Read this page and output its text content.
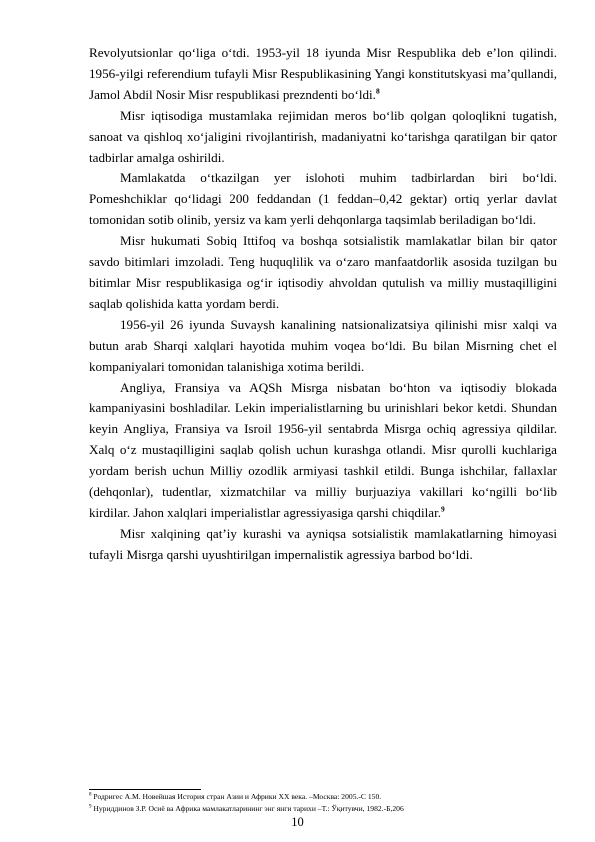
Revolyutsionlar qo‘liga o‘tdi. 1953-yil 18 iyunda Misr Respublika deb e’lon qilindi. 1956-yilgi referendium tufayli Misr Respublikasining Yangi konstitutskyasi ma’qullandi, Jamol Abdil Nosir Misr respublikasi prezndenti bo‘ldi.$^8$

Misr iqtisodiga mustamlaka rejimidan meros bo‘lib qolgan qoloqlikni tugatish, sanoat va qishloq xo‘jaligini rivojlantirish, madaniyatni ko‘tarishga qaratilgan bir qator tadbirlar amalga oshirildi.

Mamlakatda o‘tkazilgan yer islohoti muhim tadbirlardan biri bo‘ldi. Pomeshchiklar qo‘lidagi 200 feddandan (1 feddan–0,42 gektar) ortiq yerlar davlat tomonidan sotib olinib, yersiz va kam yerli dehqonlarga taqsimlab beriladigan bo‘ldi.

Misr hukumati Sobiq Ittifoq va boshqa sotsialistik mamlakatlar bilan bir qator savdo bitimlari imzoladi. Teng huquqlilik va o‘zaro manfaatdorlik asosida tuzilgan bu bitimlar Misr respublikasiga og‘ir iqtisodiy ahvoldan qutulish va milliy mustaqilligini saqlab qolishida katta yordam berdi.

1956-yil 26 iyunda Suvaysh kanalining natsionalizatsiya qilinishi misr xalqi va butun arab Sharqi xalqlari hayotida muhim voqea bo‘ldi. Bu bilan Misrning chet el kompaniyalari tomonidan talanishiga xotima berildi.

Angliya, Fransiya va AQSh Misrga nisbatan bo‘hton va iqtisodiy blokada kampaniyasini boshladilar. Lekin imperialistlarning bu urinishlari bekor ketdi. Shundan keyin Angliya, Fransiya va Isroil 1956-yil sentabrda Misrga ochiq agressiya qildilar. Xalq o‘z mustaqilligini saqlab qolish uchun kurashga otlandi. Misr qurolli kuchlariga yordam berish uchun Milliy ozodlik armiyasi tashkil etildi. Bunga ishchilar, fallaxlar (dehqonlar), tudentlar, xizmatchilar va milliy burjuaziya vakillari ko‘ngilli bo‘lib kirdilar. Jahon xalqlari imperialistlar agressiyasiga qarshi chiqdilar.$^9$

Misr xalqining qat’iy kurashi va ayniqsa sotsialistik mamlakatlarning himoyasi tufayli Misrga qarshi uyushtirilgan impernalistik agressiya barbod bo‘ldi.

$^8$ Родригес А.М. Новейшая История стран Азии и Африки ХХ века. –Москва: 2005.-С 150.

$^9$ Нуриддинов З.Р. Осиё ва Африка мамлакатларининг энг янги тарихи –Т.: Ўқитувчи, 1982.-Б,206

10
